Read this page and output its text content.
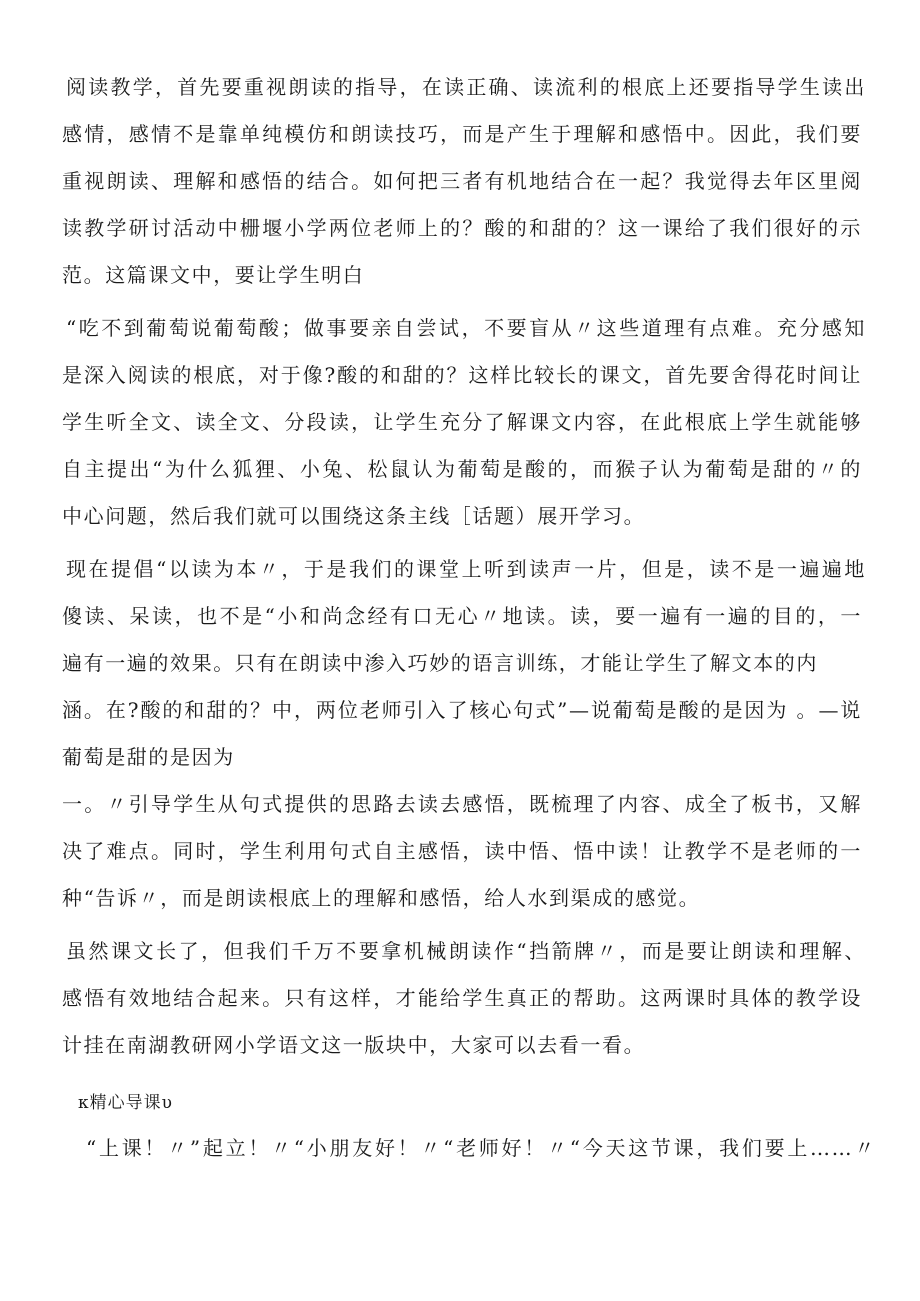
阅读教学，首先要重视朗读的指导，在读正确、读流利的根底上还要指导学生读出
感情，感情不是靠单纯模仿和朗读技巧，而是产生于理解和感悟中。因此，我们要
重视朗读、理解和感悟的结合。如何把三者有机地结合在一起？我觉得去年区里阅
读教学研讨活动中栅堰小学两位老师上的？酸的和甜的？这一课给了我们很好的示
范。这篇课文中，要让学生明白
“吃不到葡萄说葡萄酸；做事要亲自尝试，不要盲从〃这些道理有点难。充分感知
是深入阅读的根底，对于像?酸的和甜的？这样比较长的课文，首先要舍得花时间让
学生听全文、读全文、分段读，让学生充分了解课文内容，在此根底上学生就能够
自主提出“为什么狐狸、小兔、松鼠认为葡萄是酸的，而猴子认为葡萄是甜的〃的
中心问题，然后我们就可以围绕这条主线［话题）展开学习。
现在提倡“以读为本〃，于是我们的课堂上听到读声一片，但是，读不是一遍遍地
傻读、呆读，也不是“小和尚念经有口无心〃地读。读，要一遍有一遍的目的，一
遍有一遍的效果。只有在朗读中渗入巧妙的语言训练，才能让学生了解文本的内
涵。在?酸的和甜的？中，两位老师引入了核心句式”—说葡萄是酸的是因为 。—说
葡萄是甜的是因为
一。〃引导学生从句式提供的思路去读去感悟，既梳理了内容、成全了板书，又解
决了难点。同时，学生利用句式自主感悟，读中悟、悟中读！让教学不是老师的一
种“告诉〃，而是朗读根底上的理解和感悟，给人水到渠成的感觉。
虽然课文长了，但我们千万不要拿机械朗读作“挡箭牌〃，而是要让朗读和理解、
感悟有效地结合起来。只有这样，才能给学生真正的帮助。这两课时具体的教学设
计挂在南湖教研网小学语文这一版块中，大家可以去看一看。
κ精心导课υ
“上课！〃”起立！〃“小朋友好！〃“老师好！〃“今天这节课，我们要上……〃
